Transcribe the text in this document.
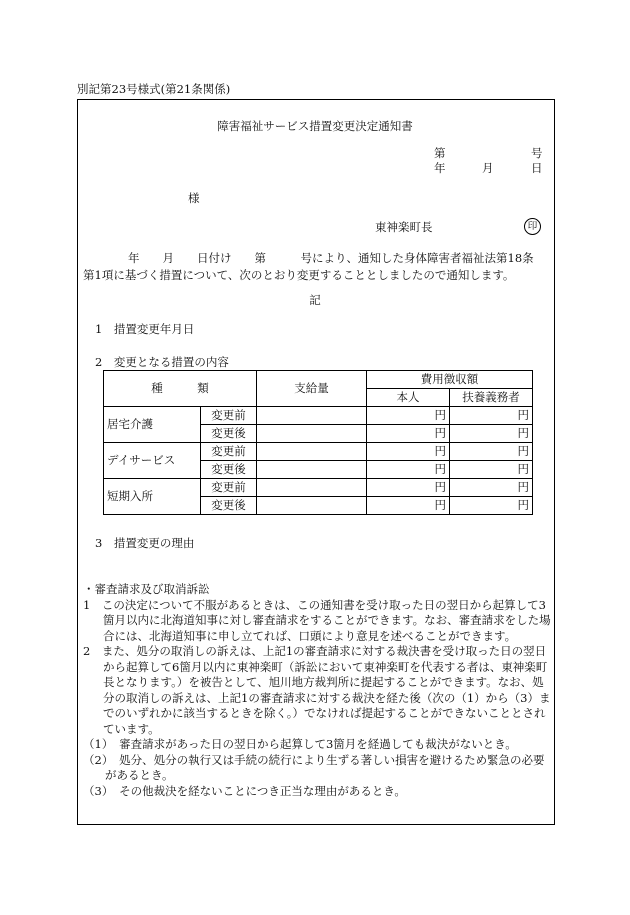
別記第23号様式(第21条関係)
障害福祉サービス措置変更決定通知書
第	号
年	月	日
様
東神楽町長	印
年　　月　　日付け　　第　　　号により、通知した身体障害者福祉法第18条
第1項に基づく措置について、次のとおり変更することとしましたので通知します。
記
1　措置変更年月日
2　変更となる措置の内容
種　　　類		支給量	費用徴収額	
			本人	扶養義務者
居宅介護	変更前		円	円
	変更後		円	円
デイサービス	変更前		円	円
	変更後		円	円
短期入所	変更前		円	円
	変更後		円	円
3　措置変更の理由

・審査請求及び取消訴訟

1　この決定について不服があるときは、この通知書を受け取った日の翌日から起算して3箇月以内に北海道知事に対し審査請求をすることができます。なお、審査請求をした場合には、北海道知事に申し立てれば、口頭により意見を述べることができます。

2　また、処分の取消しの訴えは、上記1の審査請求に対する裁決書を受け取った日の翌日から起算して6箇月以内に東神楽町（訴訟において東神楽町を代表する者は、東神楽町長となります。）を被告として、旭川地方裁判所に提起することができます。なお、処分の取消しの訴えは、上記1の審査請求に対する裁決を経た後（次の（1）から（3）までのいずれかに該当するときを除く。）でなければ提起することができないこととされています。

（1）　審査請求があった日の翌日から起算して3箇月を経過しても裁決がないとき。

（2）　処分、処分の執行又は手続の続行により生ずる著しい損害を避けるため緊急の必要があるとき。

（3）　その他裁決を経ないことにつき正当な理由があるとき。
